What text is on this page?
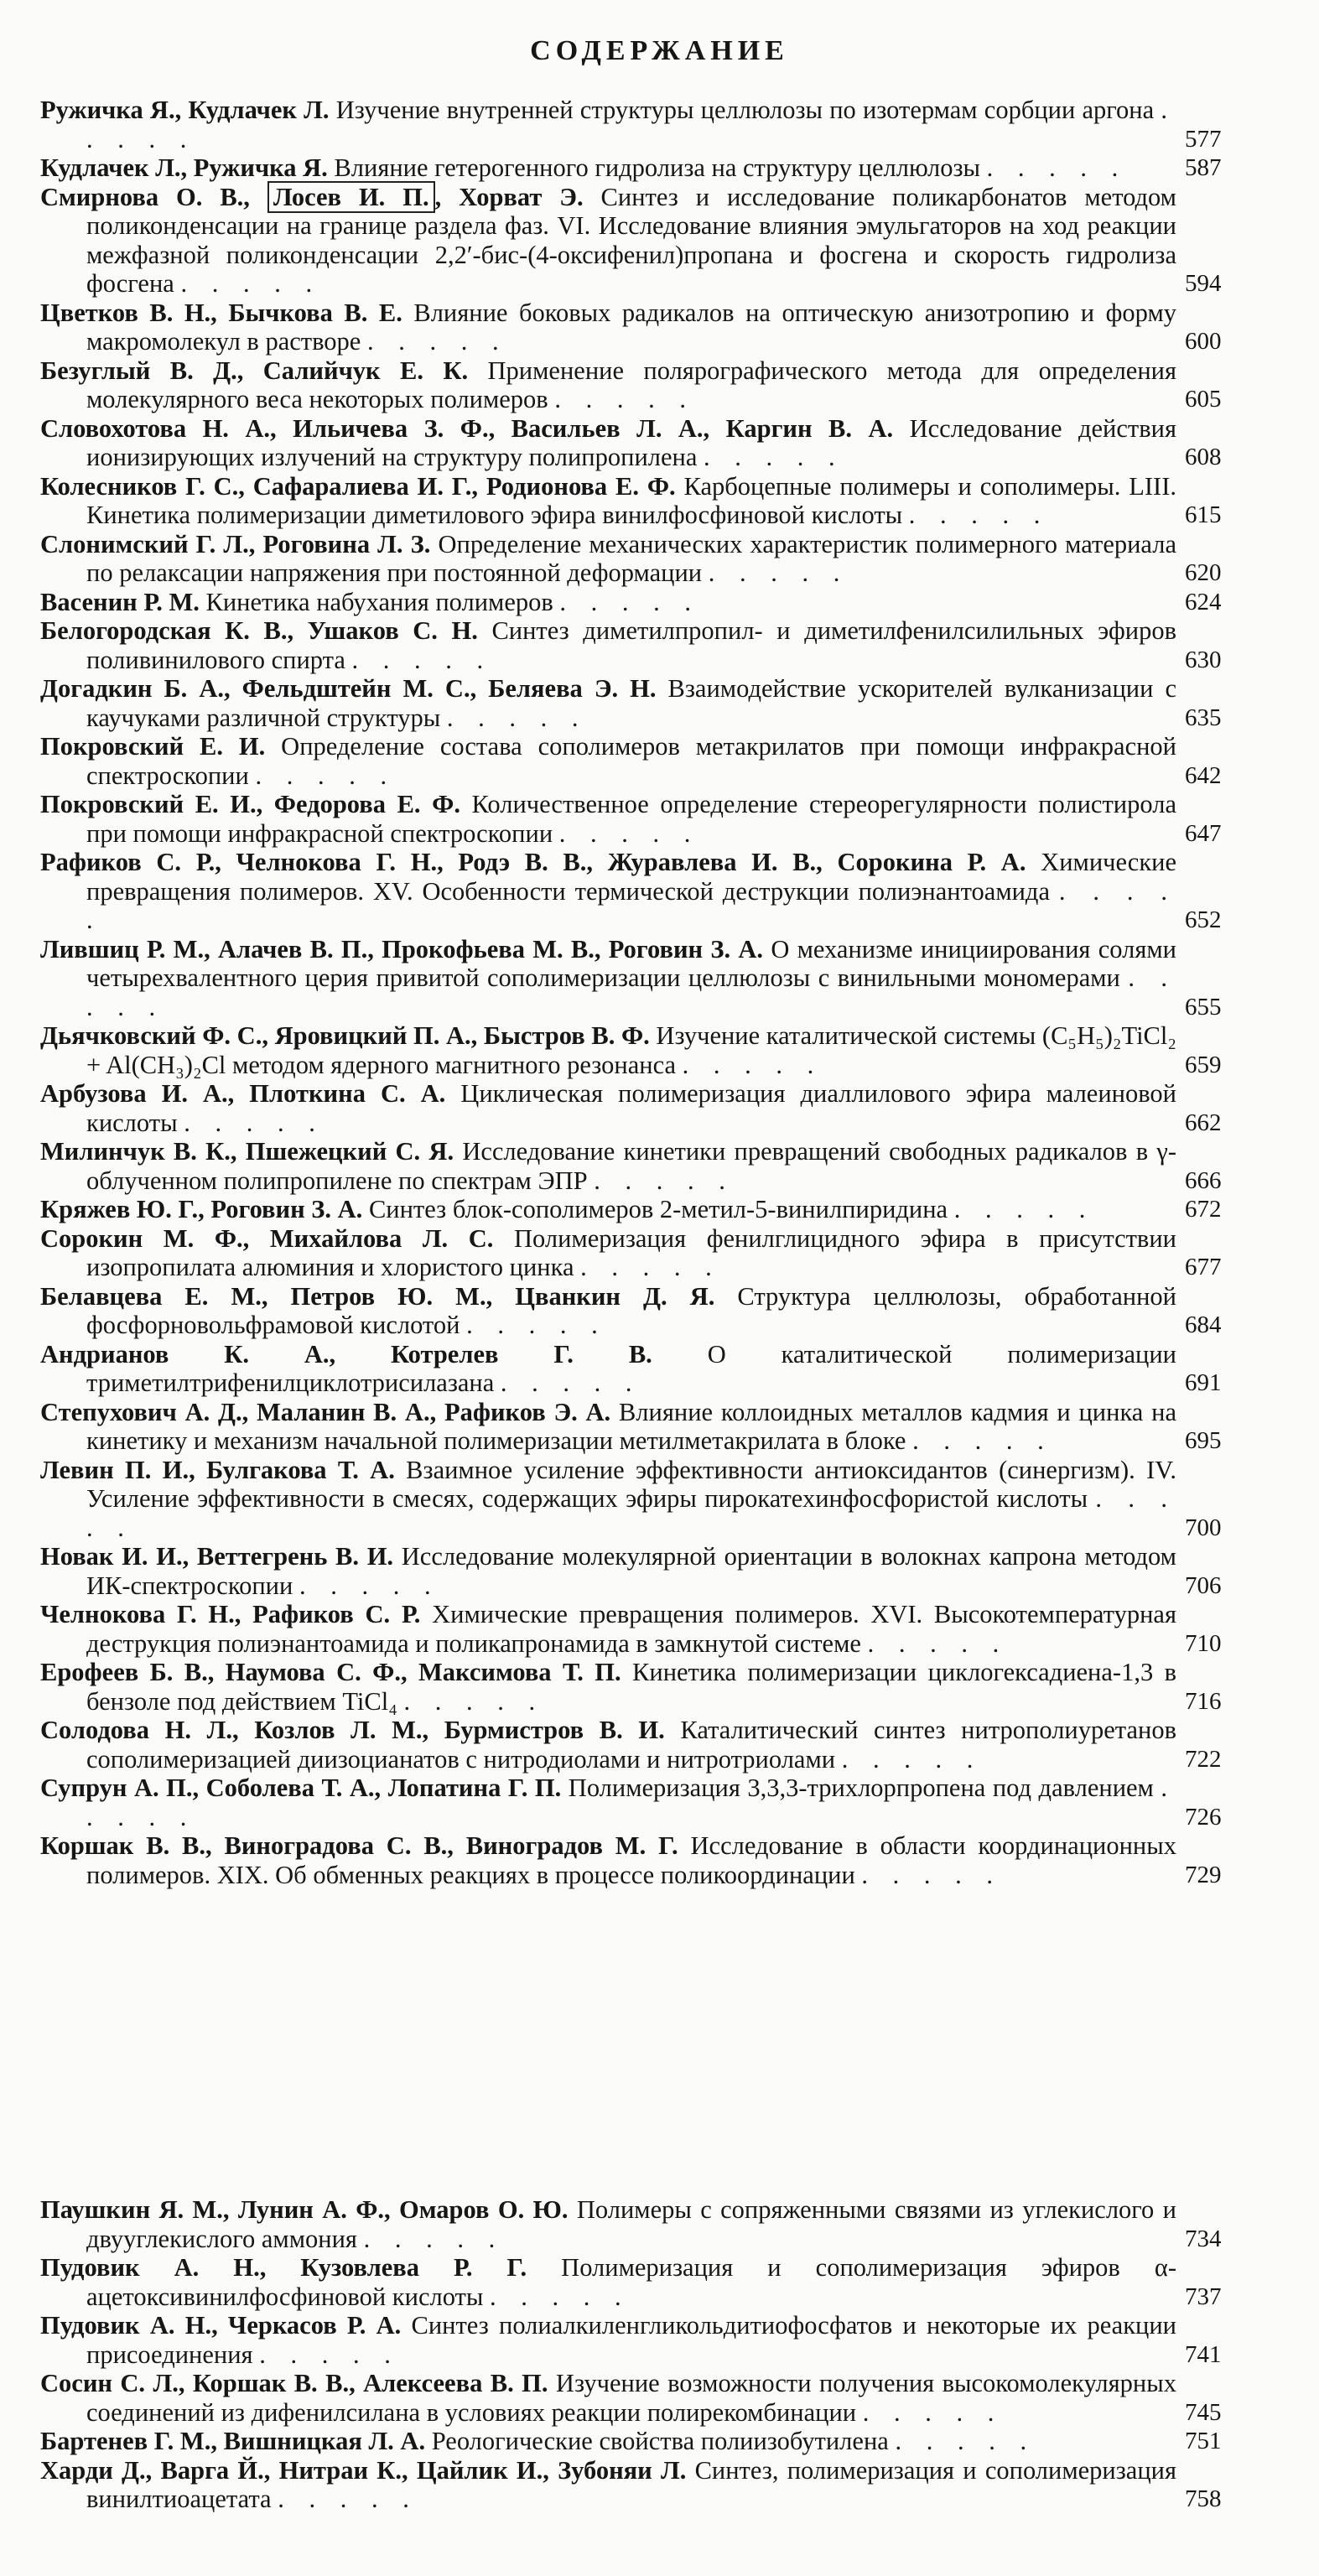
СОДЕРЖАНИЕ
Ружичка Я., Кудлачек Л. Изучение внутренней структуры целлюлозы по изотермам сорбции аргона . . . . .	577
Кудлачек Л., Ружичка Я. Влияние гетерогенного гидролиза на структуру целлюлозы . . . . .	587
Смирнова О. В., Лосев И. П. , Хорват Э. Синтез и исследование поликарбонатов методом поликонденсации на границе раздела фаз. VI. Исследование влияния эмульгаторов на ход реакции межфазной поликонденсации 2,2′-бис-(4-оксифенил)пропана и фосгена и скорость гидролиза фосгена . . . . .	594
Цветков В. Н., Бычкова В. Е. Влияние боковых радикалов на оптическую анизотропию и форму макромолекул в растворе . . . . .	600
Безуглый В. Д., Салийчук Е. К. Применение полярографического метода для определения молекулярного веса некоторых полимеров . . . . .	605
Словохотова Н. А., Ильичева З. Ф., Васильев Л. А., Каргин В. А. Исследование действия ионизирующих излучений на структуру полипропилена . . . . .	608
Колесников Г. С., Сафаралиева И. Г., Родионова Е. Ф. Карбоцепные полимеры и сополимеры. LIII. Кинетика полимеризации диметилового эфира винилфосфиновой кислоты . . . . .	615
Слонимский Г. Л., Роговина Л. З. Определение механических характеристик полимерного материала по релаксации напряжения при постоянной деформации . . . . .	620
Васенин Р. М. Кинетика набухания полимеров . . . . .	624
Белогородская К. В., Ушаков С. Н. Синтез диметилпропил- и диметилфенилсилильных эфиров поливинилового спирта . . . . .	630
Догадкин Б. А., Фельдштейн М. С., Беляева Э. Н. Взаимодействие ускорителей вулканизации с каучуками различной структуры . . . . .	635
Покровский Е. И. Определение состава сополимеров метакрилатов при помощи инфракрасной спектроскопии . . . . .	642
Покровский Е. И., Федорова Е. Ф. Количественное определение стереорегулярности полистирола при помощи инфракрасной спектроскопии . . . . .	647
Рафиков С. Р., Челнокова Г. Н., Родэ В. В., Журавлева И. В., Сорокина Р. А. Химические превращения полимеров. XV. Особенности термической деструкции полиэнантоамида . . . . .	652
Лившиц Р. М., Алачев В. П., Прокофьева М. В., Роговин З. А. О механизме инициирования солями четырехвалентного церия привитой сополимеризации целлюлозы с винильными мономерами . . . . .	655
Дьячковский Ф. С., Яровицкий П. А., Быстров В. Ф. Изучение каталитической системы (C₅H₅)₂TiCl₂ + Al(CH₃)₂Cl методом ядерного магнитного резонанса . . . . .	659
Арбузова И. А., Плоткина С. А. Циклическая полимеризация диаллилового эфира малеиновой кислоты . . . . .	662
Милинчук В. К., Пшежецкий С. Я. Исследование кинетики превращений свободных радикалов в γ-облученном полипропилене по спектрам ЭПР . . . . .	666
Кряжев Ю. Г., Роговин З. А. Синтез блок-сополимеров 2-метил-5-винилпиридина . . . . .	672
Сорокин М. Ф., Михайлова Л. С. Полимеризация фенилглицидного эфира в присутствии изопропилата алюминия и хлористого цинка . . . . .	677
Белавцева Е. М., Петров Ю. М., Цванкин Д. Я. Структура целлюлозы, обработанной фосфорновольфрамовой кислотой . . . . .	684
Андрианов К. А., Котрелев Г. В. О каталитической полимеризации триметилтрифенилциклотрисилазана . . . . .	691
Степухович А. Д., Маланин В. А., Рафиков Э. А. Влияние коллоидных металлов кадмия и цинка на кинетику и механизм начальной полимеризации метилметакрилата в блоке . . . . .	695
Левин П. И., Булгакова Т. А. Взаимное усиление эффективности антиоксидантов (синергизм). IV. Усиление эффективности в смесях, содержащих эфиры пирокатехинфосфористой кислоты . . . . .	700
Новак И. И., Веттегрень В. И. Исследование молекулярной ориентации в волокнах капрона методом ИК-спектроскопии . . . . .	706
Челнокова Г. Н., Рафиков С. Р. Химические превращения полимеров. XVI. Высокотемпературная деструкция полиэнантоамида и поликапронамида в замкнутой системе . . . . .	710
Ерофеев Б. В., Наумова С. Ф., Максимова Т. П. Кинетика полимеризации циклогексадиена-1,3 в бензоле под действием TiCl₄ . . . . .	716
Солодова Н. Л., Козлов Л. М., Бурмистров В. И. Каталитический синтез нитрополиуретанов сополимеризацией диизоцианатов с нитродиолами и нитротриолами . . . . .	722
Супрун А. П., Соболева Т. А., Лопатина Г. П. Полимеризация 3,3,3-трихлорпропена под давлением . . . . .	726
Коршак В. В., Виноградова С. В., Виноградов М. Г. Исследование в области координационных полимеров. XIX. Об обменных реакциях в процессе поликоординации . . . . .	729
Паушкин Я. М., Лунин А. Ф., Омаров О. Ю. Полимеры с сопряженными связями из углекислого и двууглекислого аммония . . . . .	734
Пудовик А. Н., Кузовлева Р. Г. Полимеризация и сополимеризация эфиров α-ацетоксивинилфосфиновой кислоты . . . . .	737
Пудовик А. Н., Черкасов Р. А. Синтез полиалкиленгликольдитиофосфатов и некоторые их реакции присоединения . . . . .	741
Сосин С. Л., Коршак В. В., Алексеева В. П. Изучение возможности получения высокомолекулярных соединений из дифенилсилана в условиях реакции полирекомбинации . . . . .	745
Бартенев Г. М., Вишницкая Л. А. Реологические свойства полиизобутилена . . . . .	751
Харди Д., Варга Й., Нитраи К., Цайлик И., Зубоняи Л. Синтез, полимеризация и сополимеризация винилтиоацетата . . . . .	758
